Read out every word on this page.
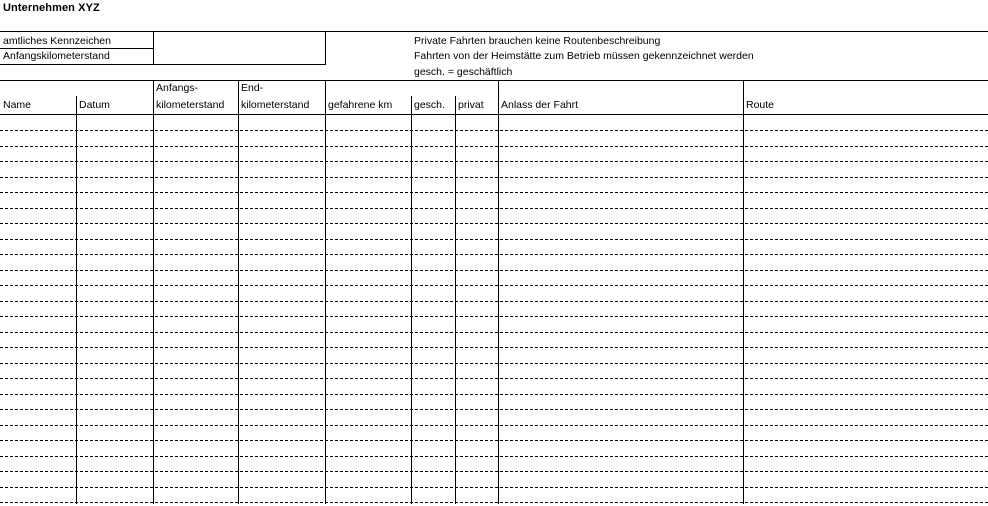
Unternehmen XYZ
amtliches Kennzeichen
Anfangskilometerstand
Private Fahrten brauchen keine Routenbeschreibung
Fahrten von der Heimstätte zum Betrieb müssen gekennzeichnet werden
gesch. = geschäftlich
Name	Datum
Anfangs-
kilometerstand
End-
kilometerstand gefahrene km gesch. privat Anlass der Fahrt	Route
